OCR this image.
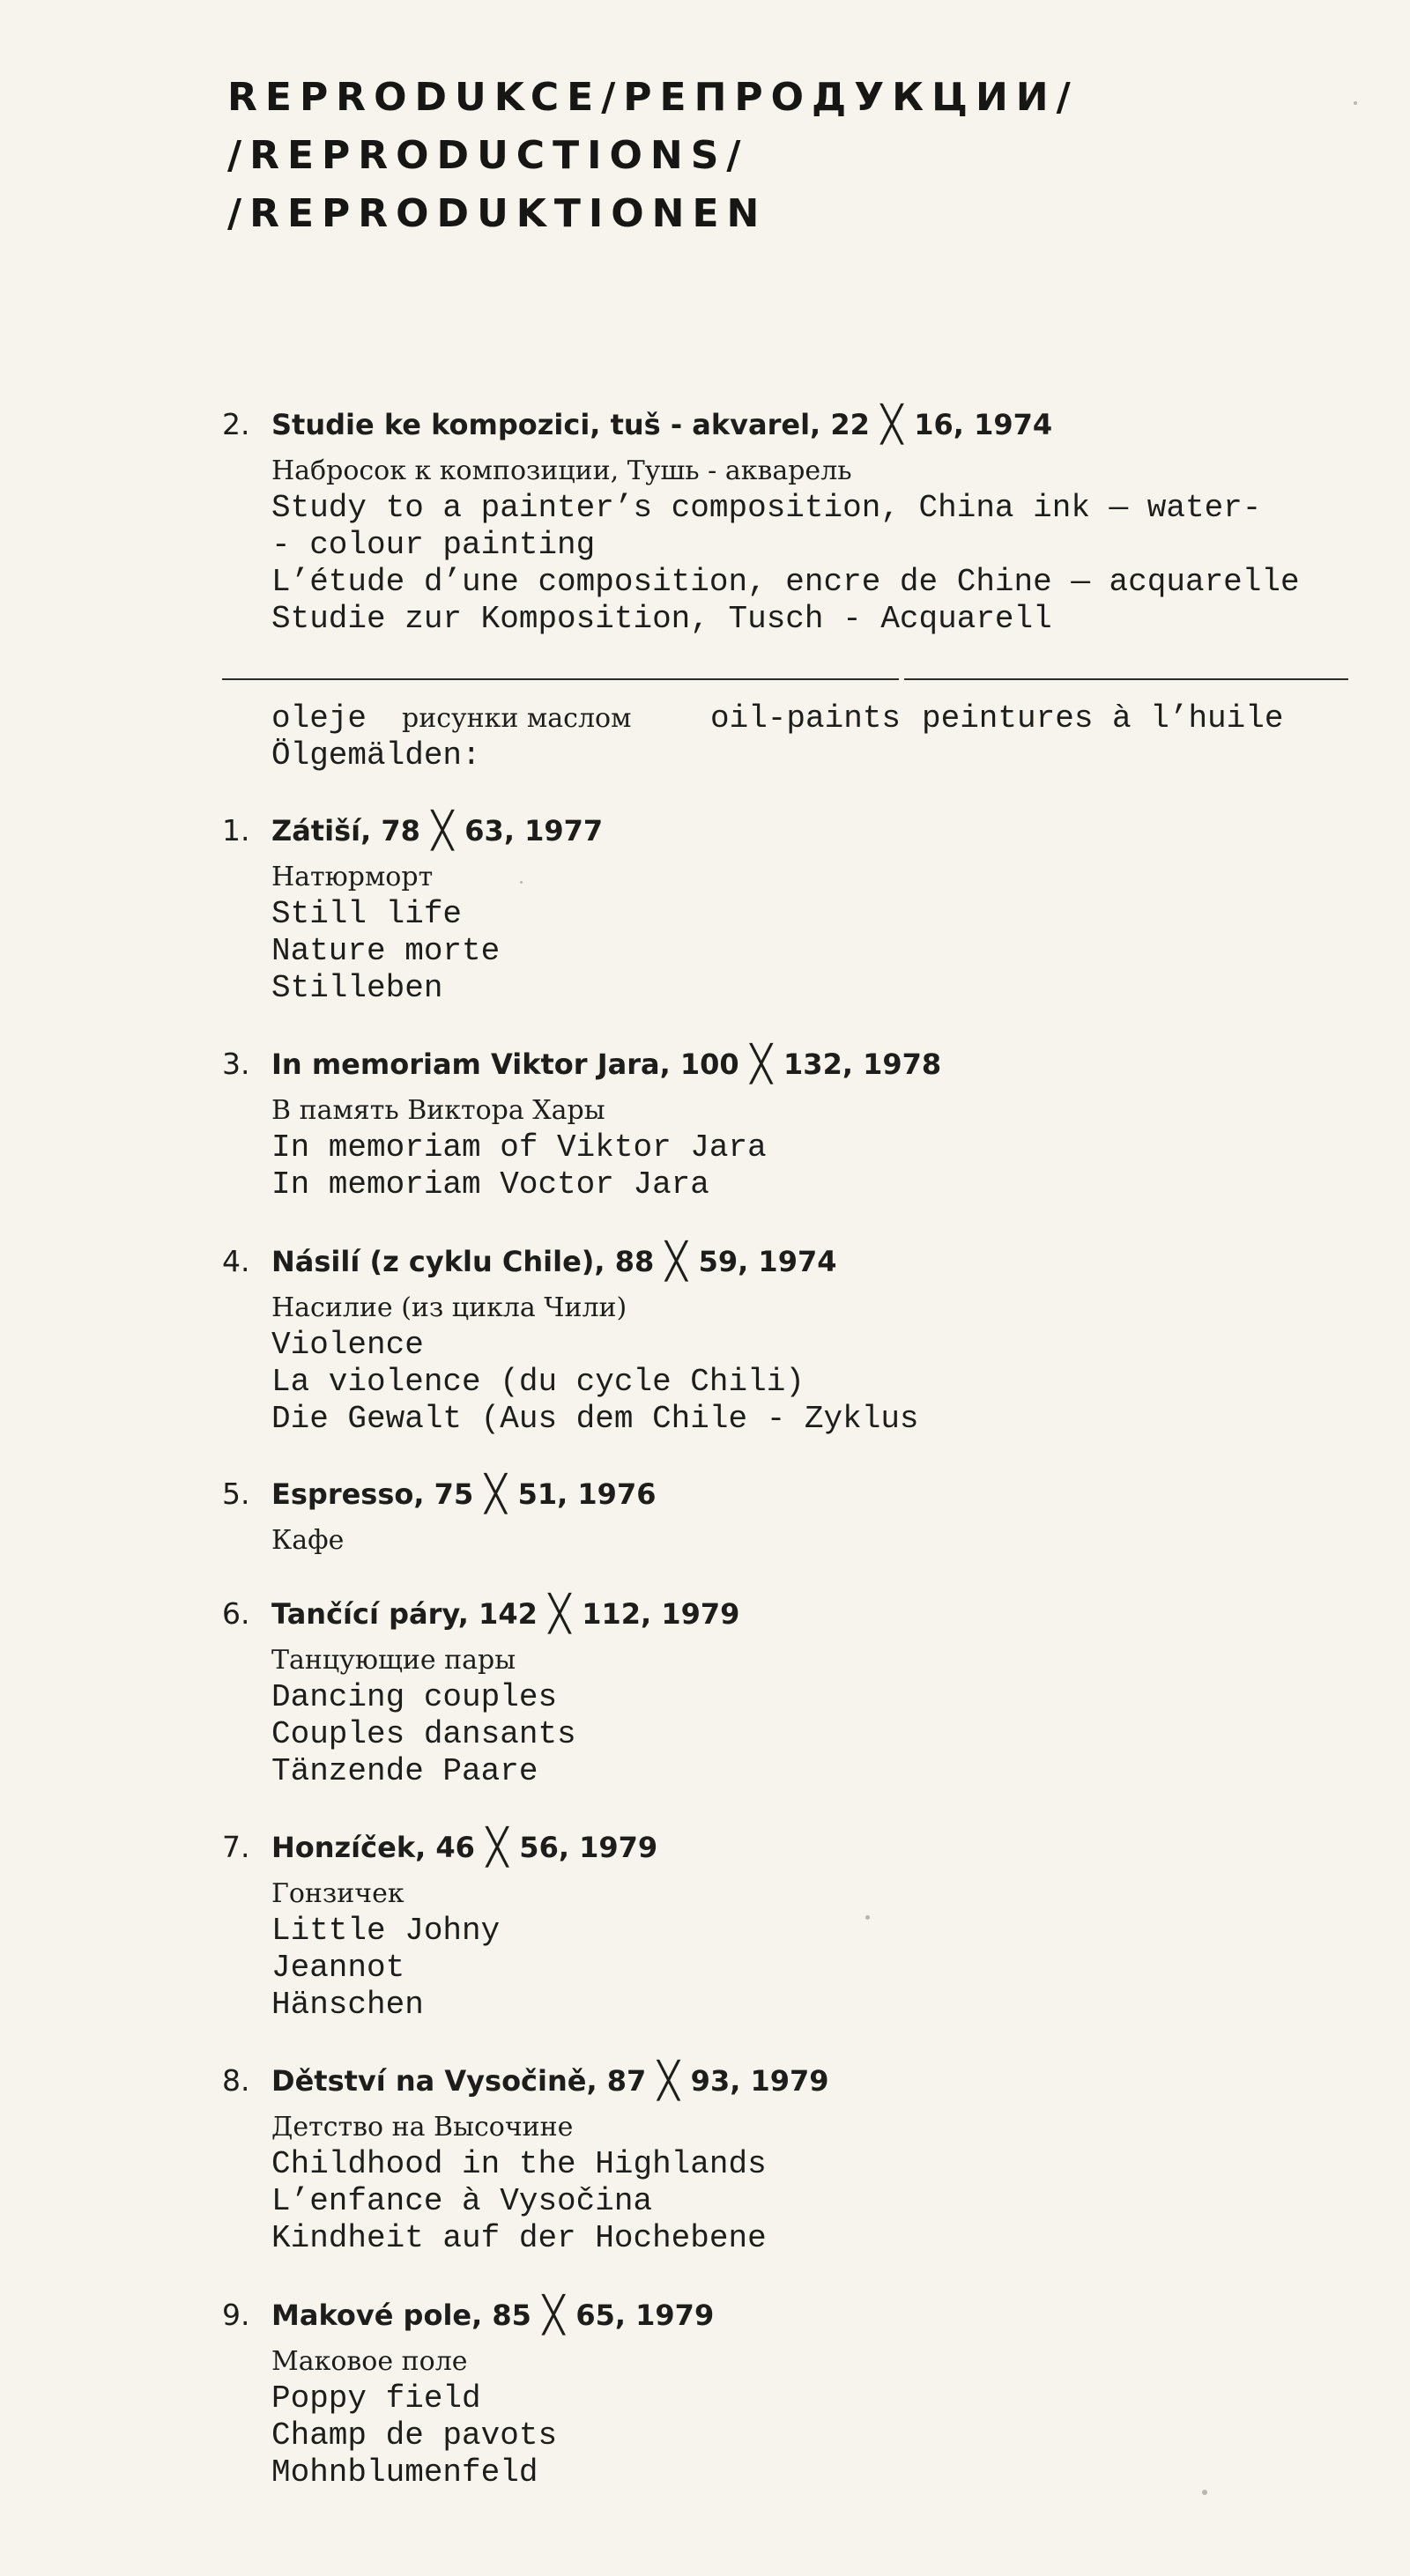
REPRODUKCE/РЕПРОДУКЦИИ/
/REPRODUCTIONS/
/REPRODUKTIONEN
2. Studie ke kompozici, tuš - akvarel, 22 ╳ 16, 1974
Набросок к композиции, Тушь - акварель
Study to a painter’s composition, China ink — water-
- colour painting
L’étude d’une composition, encre de Chine — acquarelle
Studie zur Komposition, Tusch - Acquarell
oleje рисунки маслом oil-paints peintures à l’huile
Ölgemälden:
1. Zátiší, 78 ╳ 63, 1977
Натюрморт
Still life
Nature morte
Stilleben
3. In memoriam Viktor Jara, 100 ╳ 132, 1978
В память Виктора Хары
In memoriam of Viktor Jara
In memoriam Voctor Jara
4. Násilí (z cyklu Chile), 88 ╳ 59, 1974
Насилие (из цикла Чили)
Violence
La violence (du cycle Chili)
Die Gewalt (Aus dem Chile - Zyklus
5. Espresso, 75 ╳ 51, 1976
Кафе
6. Tančící páry, 142 ╳ 112, 1979
Танцующие пары
Dancing couples
Couples dansants
Tänzende Paare
7. Honzíček, 46 ╳ 56, 1979
Гонзичек
Little Johny
Jeannot
Hänschen
8. Dětství na Vysočině, 87 ╳ 93, 1979
Детство на Высочине
Childhood in the Highlands
L’enfance à Vysočina
Kindheit auf der Hochebene
9. Makové pole, 85 ╳ 65, 1979
Маковое поле
Poppy field
Champ de pavots
Mohnblumenfeld
